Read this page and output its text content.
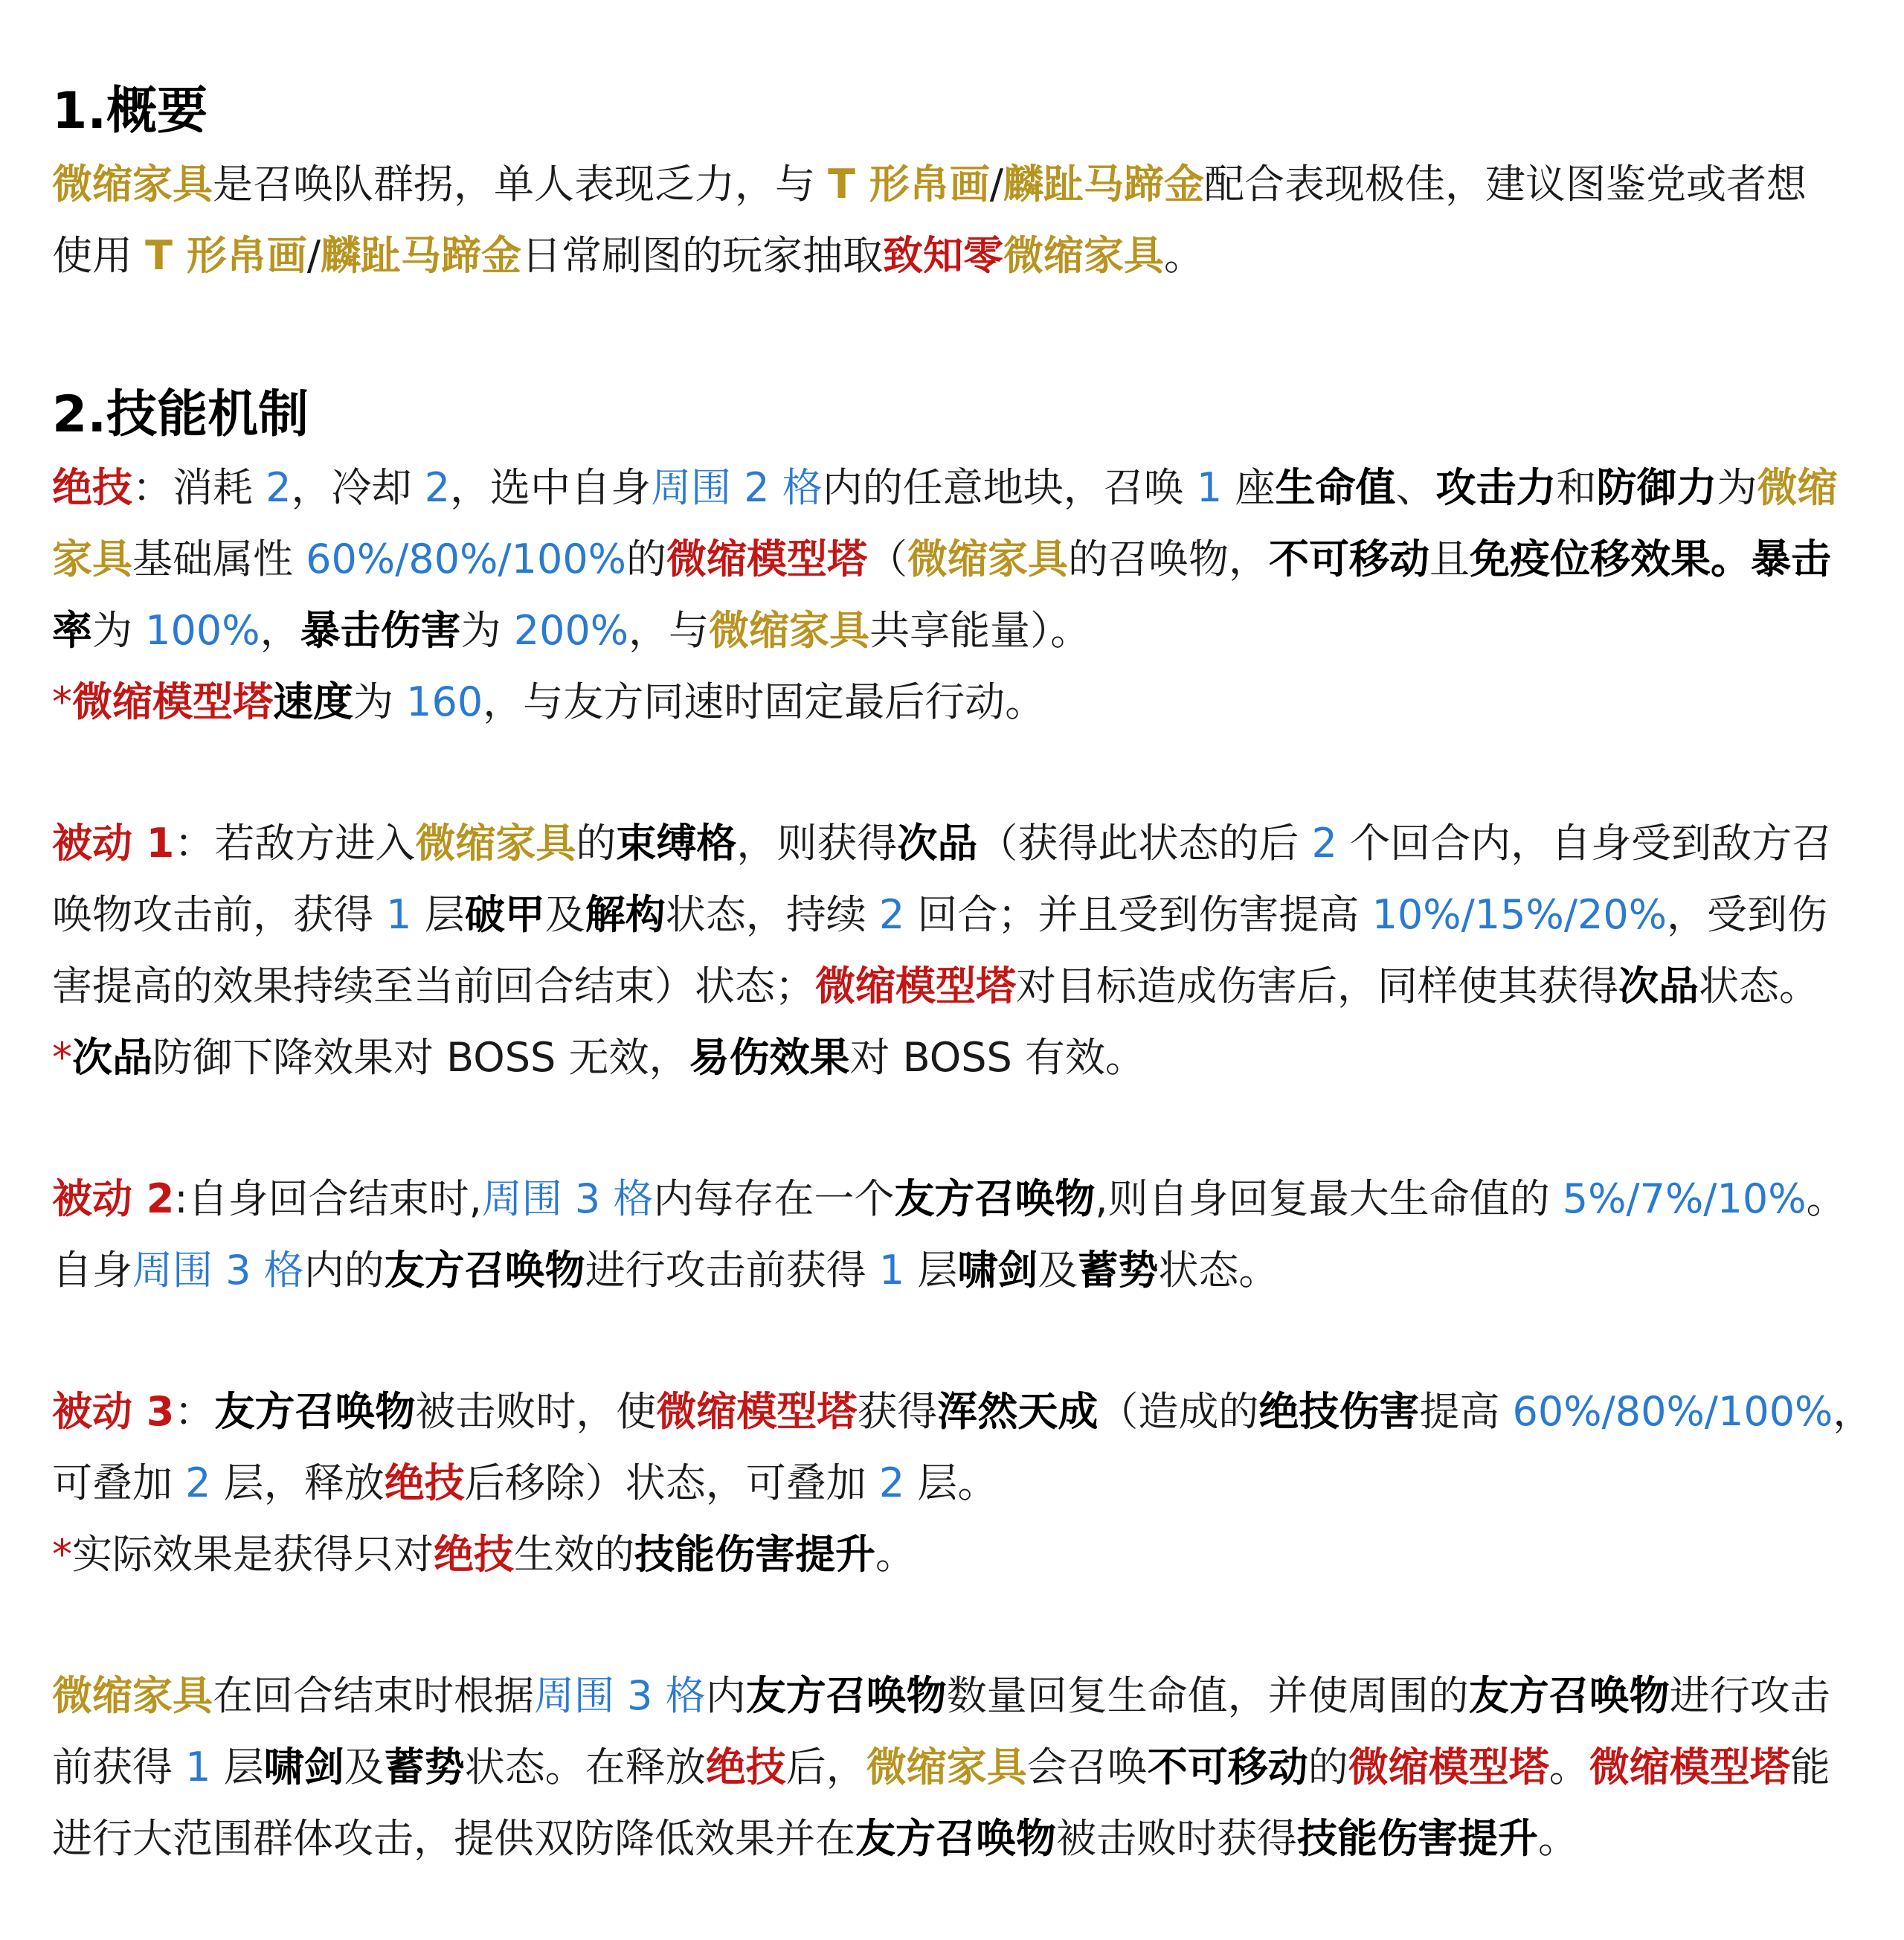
1.概要
微缩家具是召唤队群拐，单人表现乏力，与 T 形帛画/麟趾马蹄金配合表现极佳，建议图鉴党或者想
使用 T 形帛画/麟趾马蹄金日常刷图的玩家抽取致知零微缩家具。
2.技能机制
绝技：消耗 2，冷却 2，选中自身周围 2 格内的任意地块，召唤 1 座生命值、攻击力和防御力为微缩
家具基础属性 60%/80%/100%的微缩模型塔（微缩家具的召唤物，不可移动且免疫位移效果。暴击
率为 100%，暴击伤害为 200%，与微缩家具共享能量）。
*微缩模型塔速度为 160，与友方同速时固定最后行动。
被动 1：若敌方进入微缩家具的束缚格，则获得次品（获得此状态的后 2 个回合内，自身受到敌方召
唤物攻击前，获得 1 层破甲及解构状态，持续 2 回合；并且受到伤害提高 10%/15%/20%，受到伤
害提高的效果持续至当前回合结束）状态；微缩模型塔对目标造成伤害后，同样使其获得次品状态。
*次品防御下降效果对 BOSS 无效，易伤效果对 BOSS 有效。
被动 2:自身回合结束时,周围 3 格内每存在一个友方召唤物,则自身回复最大生命值的 5%/7%/10%。
自身周围 3 格内的友方召唤物进行攻击前获得 1 层啸剑及蓄势状态。
被动 3：友方召唤物被击败时，使微缩模型塔获得浑然天成（造成的绝技伤害提高 60%/80%/100%，
可叠加 2 层，释放绝技后移除）状态，可叠加 2 层。
*实际效果是获得只对绝技生效的技能伤害提升。
微缩家具在回合结束时根据周围 3 格内友方召唤物数量回复生命值，并使周围的友方召唤物进行攻击
前获得 1 层啸剑及蓄势状态。在释放绝技后，微缩家具会召唤不可移动的微缩模型塔。微缩模型塔能
进行大范围群体攻击，提供双防降低效果并在友方召唤物被击败时获得技能伤害提升。
